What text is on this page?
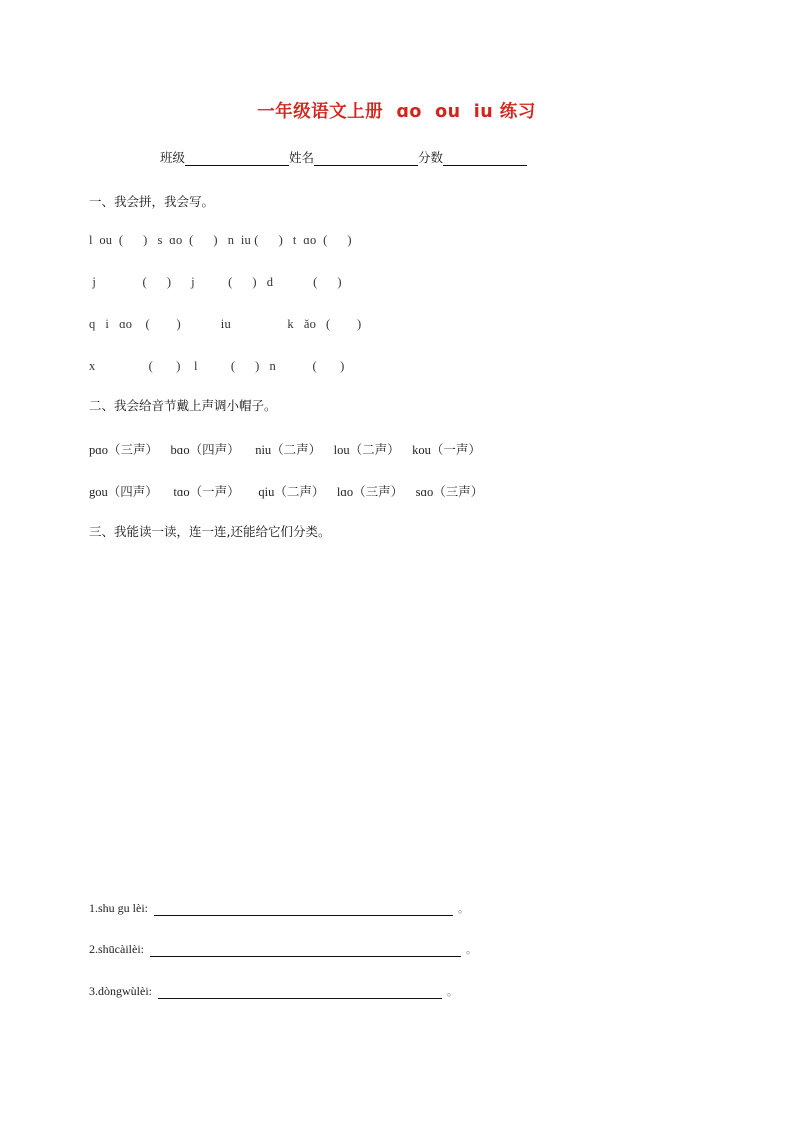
一年级语文上册  ɑo  ou  iu 练习
班级	姓名	分数
一、我会拼，我会写。
l  ou  (      )   s  ɑo  (      )   n  iu (      )   t  ɑo  (      )
j              (      )      j          (      )   d            (      )
q   i   ɑo    (        )            iu                 k   ǎo   (        )
x                (       )    l          (      )   n           (       )
二、我会给音节戴上声调小帽子。
pɑo（三声）    bɑo（四声）     niu（二声）    lou（二声）    kou（一声）
gou（四声）     tɑo（一声）      qiu（二声）    lɑo（三声）    sɑo（三声）
三、我能读一读，连一连,还能给它们分类。
1.shu gu lèi:	。
2.shūcàilèi:	。
3.dòngwùlèi:	。
